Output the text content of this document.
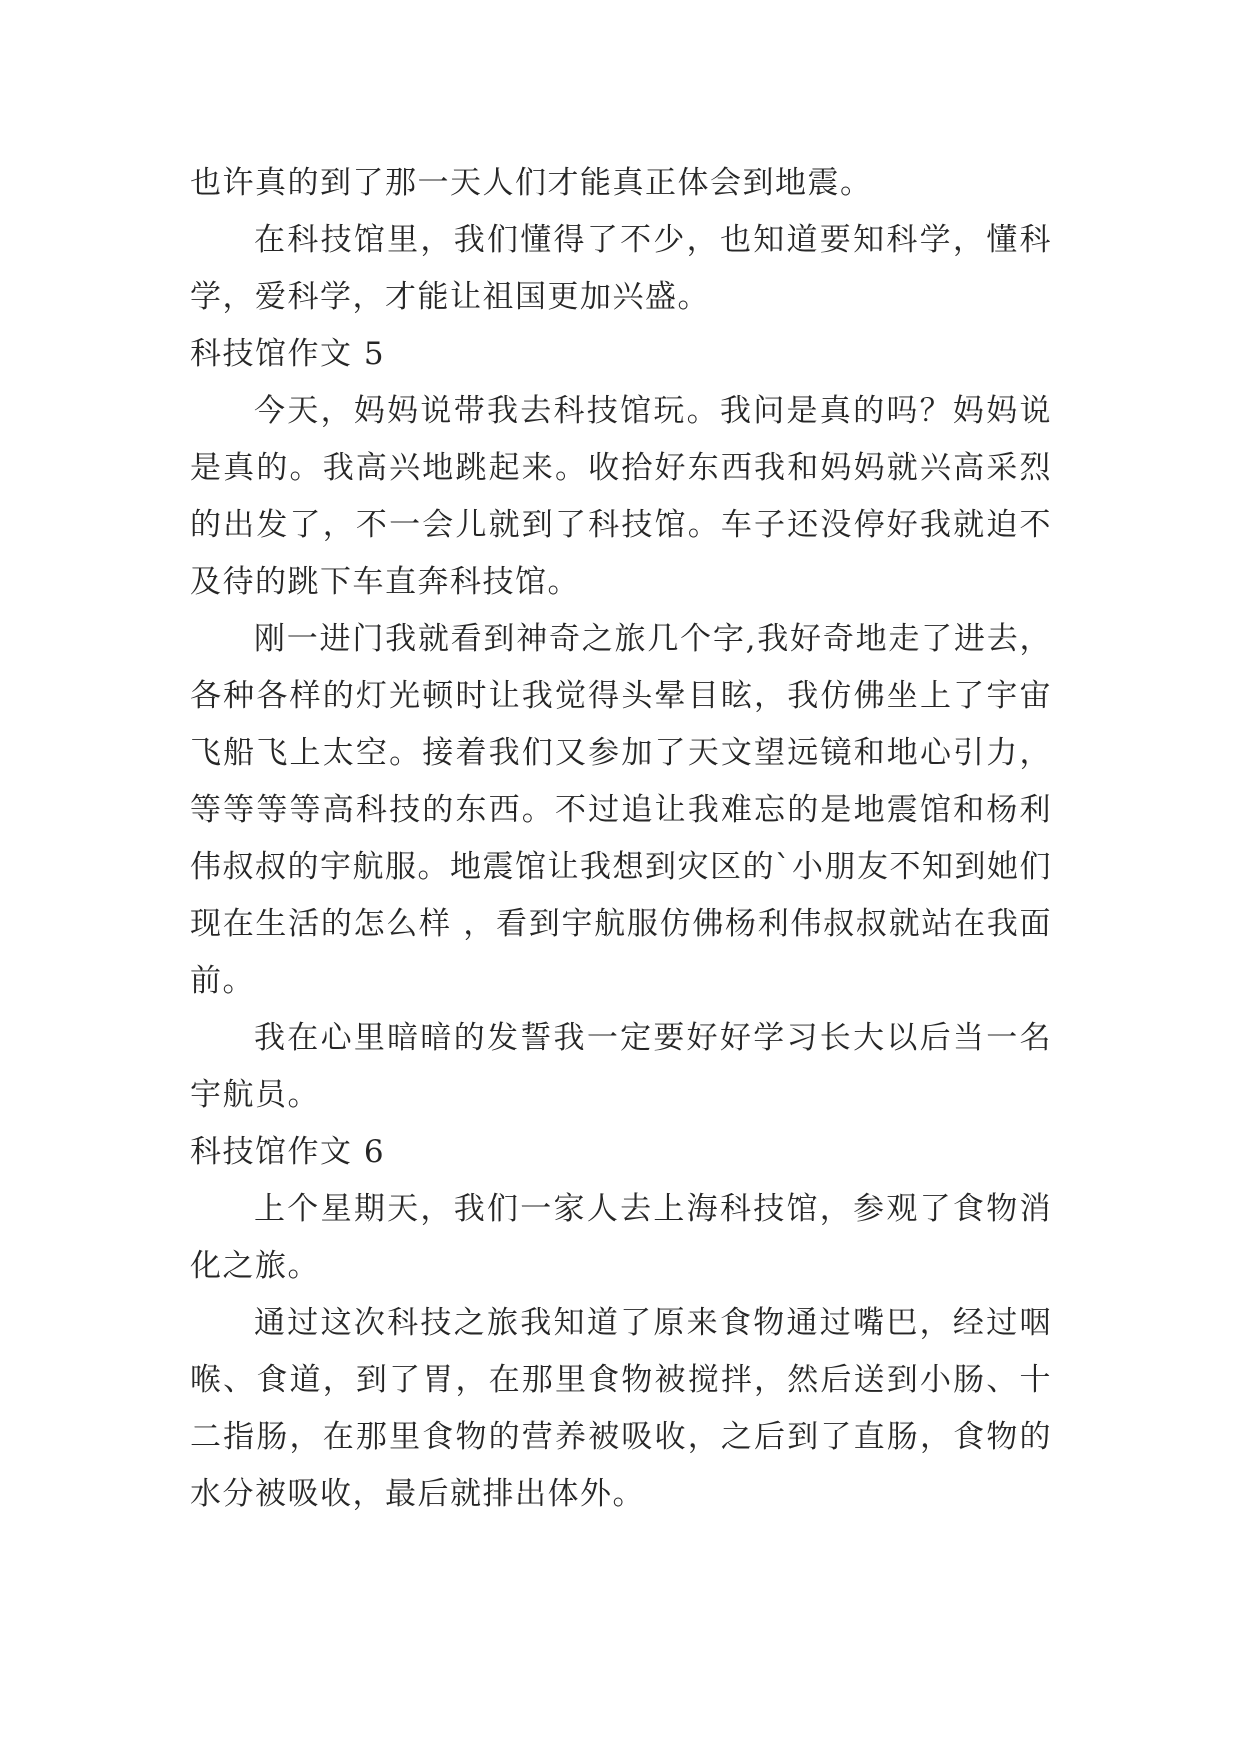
也许真的到了那一天人们才能真正体会到地震。

在科技馆里，我们懂得了不少，也知道要知科学，懂科学，爱科学，才能让祖国更加兴盛。

科技馆作文 5

今天，妈妈说带我去科技馆玩。我问是真的吗？妈妈说是真的。我高兴地跳起来。收拾好东西我和妈妈就兴高采烈的出发了，不一会儿就到了科技馆。车子还没停好我就迫不及待的跳下车直奔科技馆。

刚一进门我就看到神奇之旅几个字,我好奇地走了进去，各种各样的灯光顿时让我觉得头晕目眩，我仿佛坐上了宇宙飞船飞上太空。接着我们又参加了天文望远镜和地心引力，等等等等高科技的东西。不过追让我难忘的是地震馆和杨利伟叔叔的宇航服。地震馆让我想到灾区的`小朋友不知到她们现在生活的怎么样 ，看到宇航服仿佛杨利伟叔叔就站在我面前。

我在心里暗暗的发誓我一定要好好学习长大以后当一名宇航员。

科技馆作文 6

上个星期天，我们一家人去上海科技馆，参观了食物消化之旅。

通过这次科技之旅我知道了原来食物通过嘴巴，经过咽喉、食道，到了胃，在那里食物被搅拌，然后送到小肠、十二指肠，在那里食物的营养被吸收，之后到了直肠，食物的水分被吸收，最后就排出体外。
